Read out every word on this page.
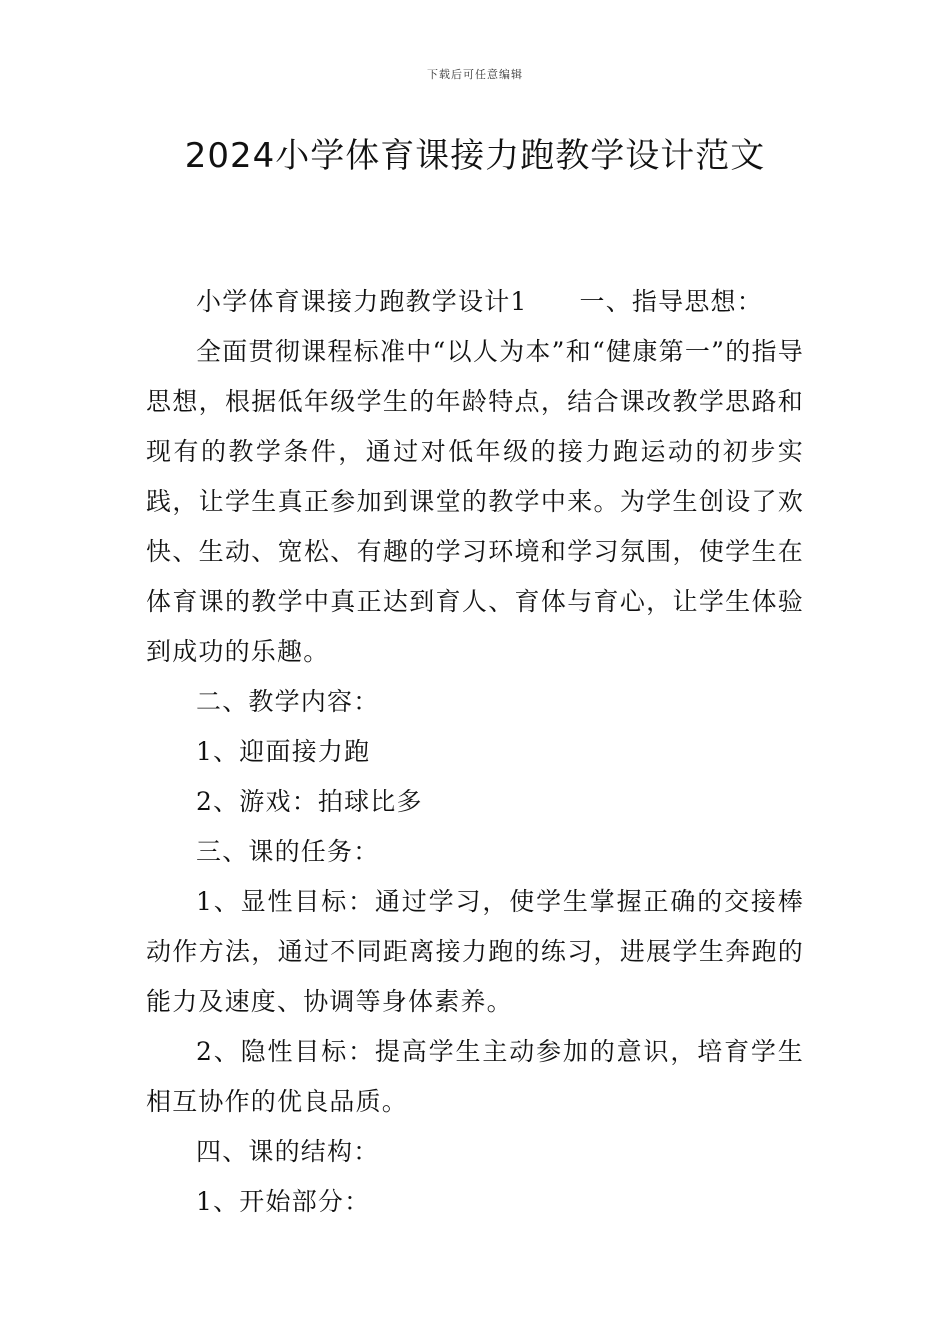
下载后可任意编辑
2024小学体育课接力跑教学设计范文

小学体育课接力跑教学设计1 一、指导思想：

全面贯彻课程标准中“以人为本”和“健康第一”的指导思想，根据低年级学生的年龄特点，结合课改教学思路和现有的教学条件，通过对低年级的接力跑运动的初步实践，让学生真正参加到课堂的教学中来。为学生创设了欢快、生动、宽松、有趣的学习环境和学习氛围，使学生在体育课的教学中真正达到育人、育体与育心，让学生体验到成功的乐趣。

二、教学内容：

1、迎面接力跑

2、游戏：拍球比多

三、课的任务：

1、显性目标：通过学习，使学生掌握正确的交接棒动作方法，通过不同距离接力跑的练习，进展学生奔跑的能力及速度、协调等身体素养。

2、隐性目标：提高学生主动参加的意识，培育学生相互协作的优良品质。

四、课的结构：

1、开始部分：
